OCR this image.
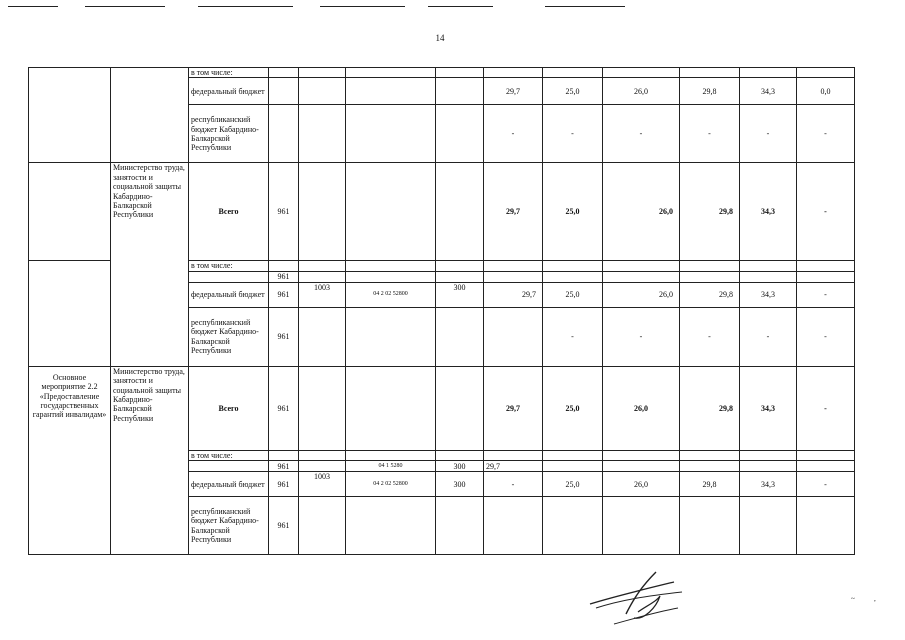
14
		в том числе:											
		федеральный бюджет					29,7	25,0	26,0	29,8	34,3	0,0	
		республиканский бюджет Кабардино-Балкарской Республики					-	-	-	-	-	-	
	Министерство труда, занятости и социальной защиты Кабардино-Балкарской Республики	Всего	961				29,7	25,0	26,0	29,8	34,3	-	
		в том числе:											
			961										
		федеральный бюджет	961	1003	04 2 02 52800	300	29,7	25,0	26,0	29,8	34,3	-	
		республиканский бюджет Кабардино-Балкарской Республики	961					-	-	-	-	-	
Основное мероприятие 2.2 «Предоставление государственных гарантий инвалидам»	Министерство труда, занятости и социальной защиты Кабардино-Балкарской Республики	Всего	961				29,7	25,0	26,0	29,8	34,3	-	
		в том числе:											
			961		04 1 5280	300	29,7						
		федеральный бюджет	961	1003	04 2 02 52800	300	-	25,0	26,0	29,8	34,3	-	
		республиканский бюджет Кабардино-Балкарской Республики	961										
~	,
